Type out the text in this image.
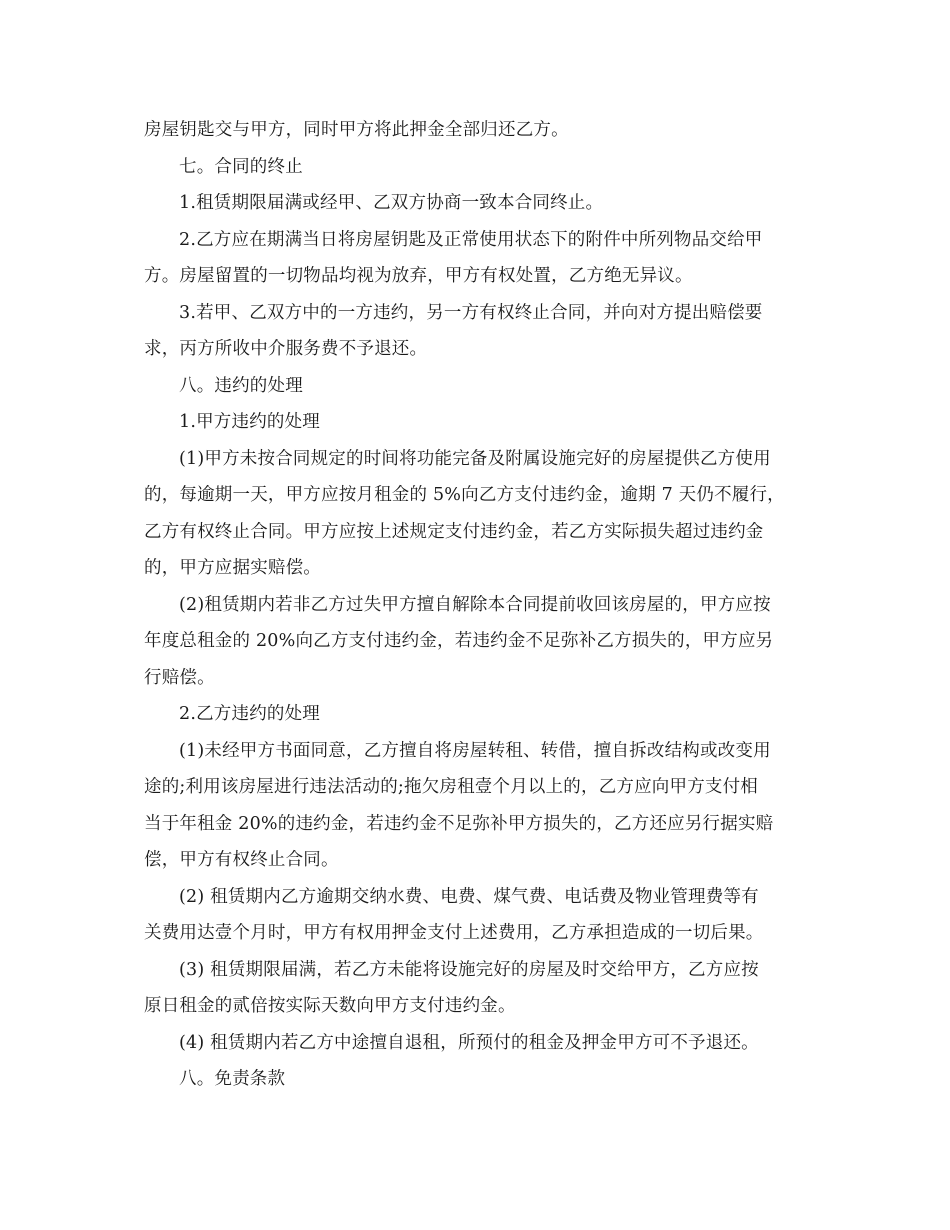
房屋钥匙交与甲方，同时甲方将此押金全部归还乙方。
七。合同的终止
1.租赁期限届满或经甲、乙双方协商一致本合同终止。
2.乙方应在期满当日将房屋钥匙及正常使用状态下的附件中所列物品交给甲
方。房屋留置的一切物品均视为放弃，甲方有权处置，乙方绝无异议。
3.若甲、乙双方中的一方违约，另一方有权终止合同，并向对方提出赔偿要
求，丙方所收中介服务费不予退还。
八。违约的处理
1.甲方违约的处理
(1)甲方未按合同规定的时间将功能完备及附属设施完好的房屋提供乙方使用
的，每逾期一天，甲方应按月租金的 5%向乙方支付违约金，逾期 7 天仍不履行，
乙方有权终止合同。甲方应按上述规定支付违约金，若乙方实际损失超过违约金
的，甲方应据实赔偿。
(2)租赁期内若非乙方过失甲方擅自解除本合同提前收回该房屋的，甲方应按
年度总租金的 20%向乙方支付违约金，若违约金不足弥补乙方损失的，甲方应另
行赔偿。
2.乙方违约的处理
(1)未经甲方书面同意，乙方擅自将房屋转租、转借，擅自拆改结构或改变用
途的;利用该房屋进行违法活动的;拖欠房租壹个月以上的，乙方应向甲方支付相
当于年租金 20%的违约金，若违约金不足弥补甲方损失的，乙方还应另行据实赔
偿，甲方有权终止合同。
(2) 租赁期内乙方逾期交纳水费、电费、煤气费、电话费及物业管理费等有
关费用达壹个月时，甲方有权用押金支付上述费用，乙方承担造成的一切后果。
(3) 租赁期限届满，若乙方未能将设施完好的房屋及时交给甲方，乙方应按
原日租金的贰倍按实际天数向甲方支付违约金。
(4) 租赁期内若乙方中途擅自退租，所预付的租金及押金甲方可不予退还。
八。免责条款
